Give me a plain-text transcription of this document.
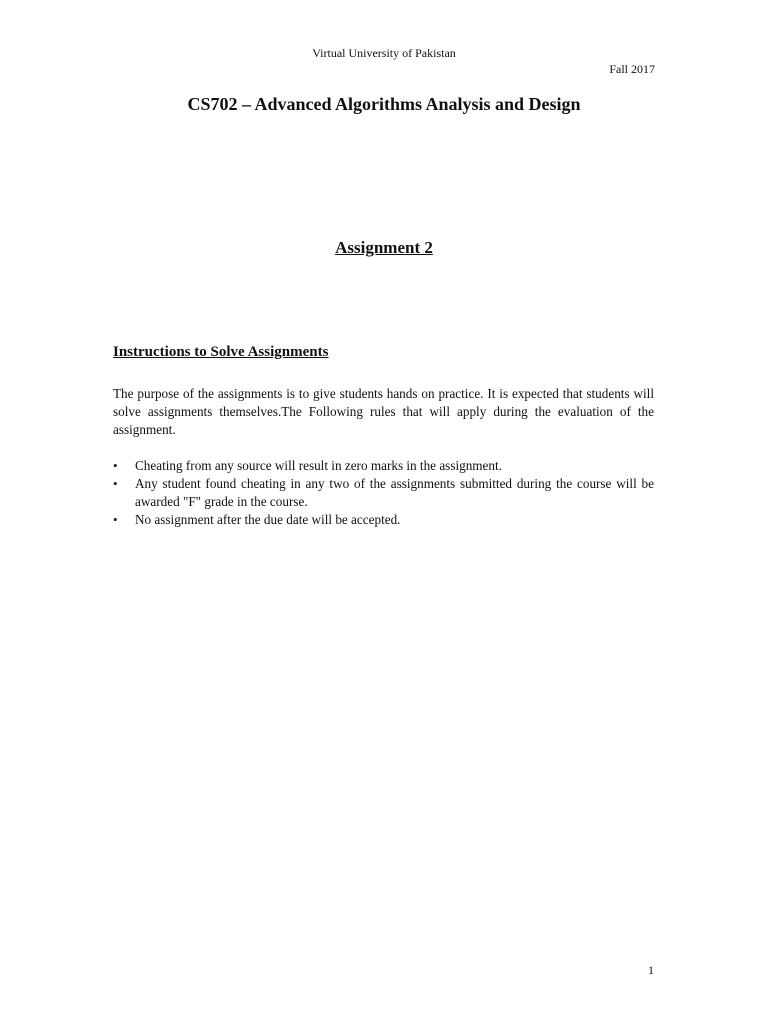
Virtual University of Pakistan
Fall 2017
CS702 – Advanced Algorithms Analysis and Design
Assignment 2
Instructions to Solve Assignments

The purpose of the assignments is to give students hands on practice. It is expected that students will solve assignments themselves.The Following rules that will apply during the evaluation of the assignment.

•	Cheating from any source will result in zero marks in the assignment.
•	Any student found cheating in any two of the assignments submitted during the course will be awarded "F" grade in the course.
•	No assignment after the due date will be accepted.
1
